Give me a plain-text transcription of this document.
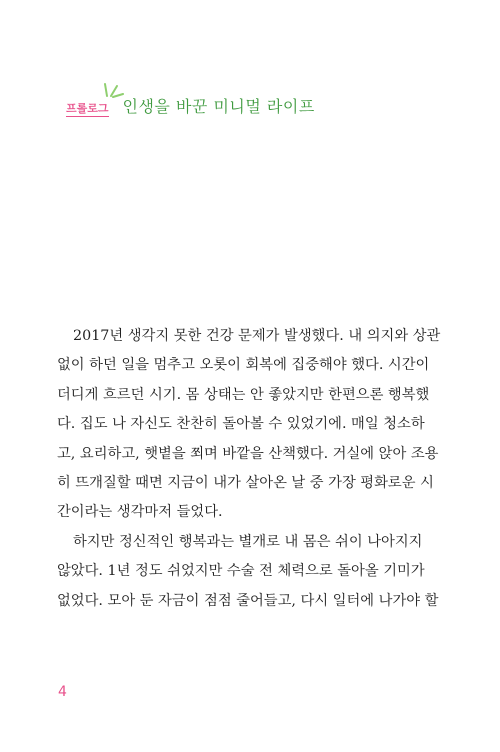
프롤로그 인생을 바꾼 미니멀 라이프
2017년 생각지 못한 건강 문제가 발생했다. 내 의지와 상관
없이 하던 일을 멈추고 오롯이 회복에 집중해야 했다. 시간이
더디게 흐르던 시기. 몸 상태는 안 좋았지만 한편으론 행복했
다. 집도 나 자신도 찬찬히 돌아볼 수 있었기에. 매일 청소하
고, 요리하고, 햇볕을 쬐며 바깥을 산책했다. 거실에 앉아 조용
히 뜨개질할 때면 지금이 내가 살아온 날 중 가장 평화로운 시
간이라는 생각마저 들었다.
하지만 정신적인 행복과는 별개로 내 몸은 쉬이 나아지지
않았다. 1년 정도 쉬었지만 수술 전 체력으로 돌아올 기미가
없었다. 모아 둔 자금이 점점 줄어들고, 다시 일터에 나가야 할
4
